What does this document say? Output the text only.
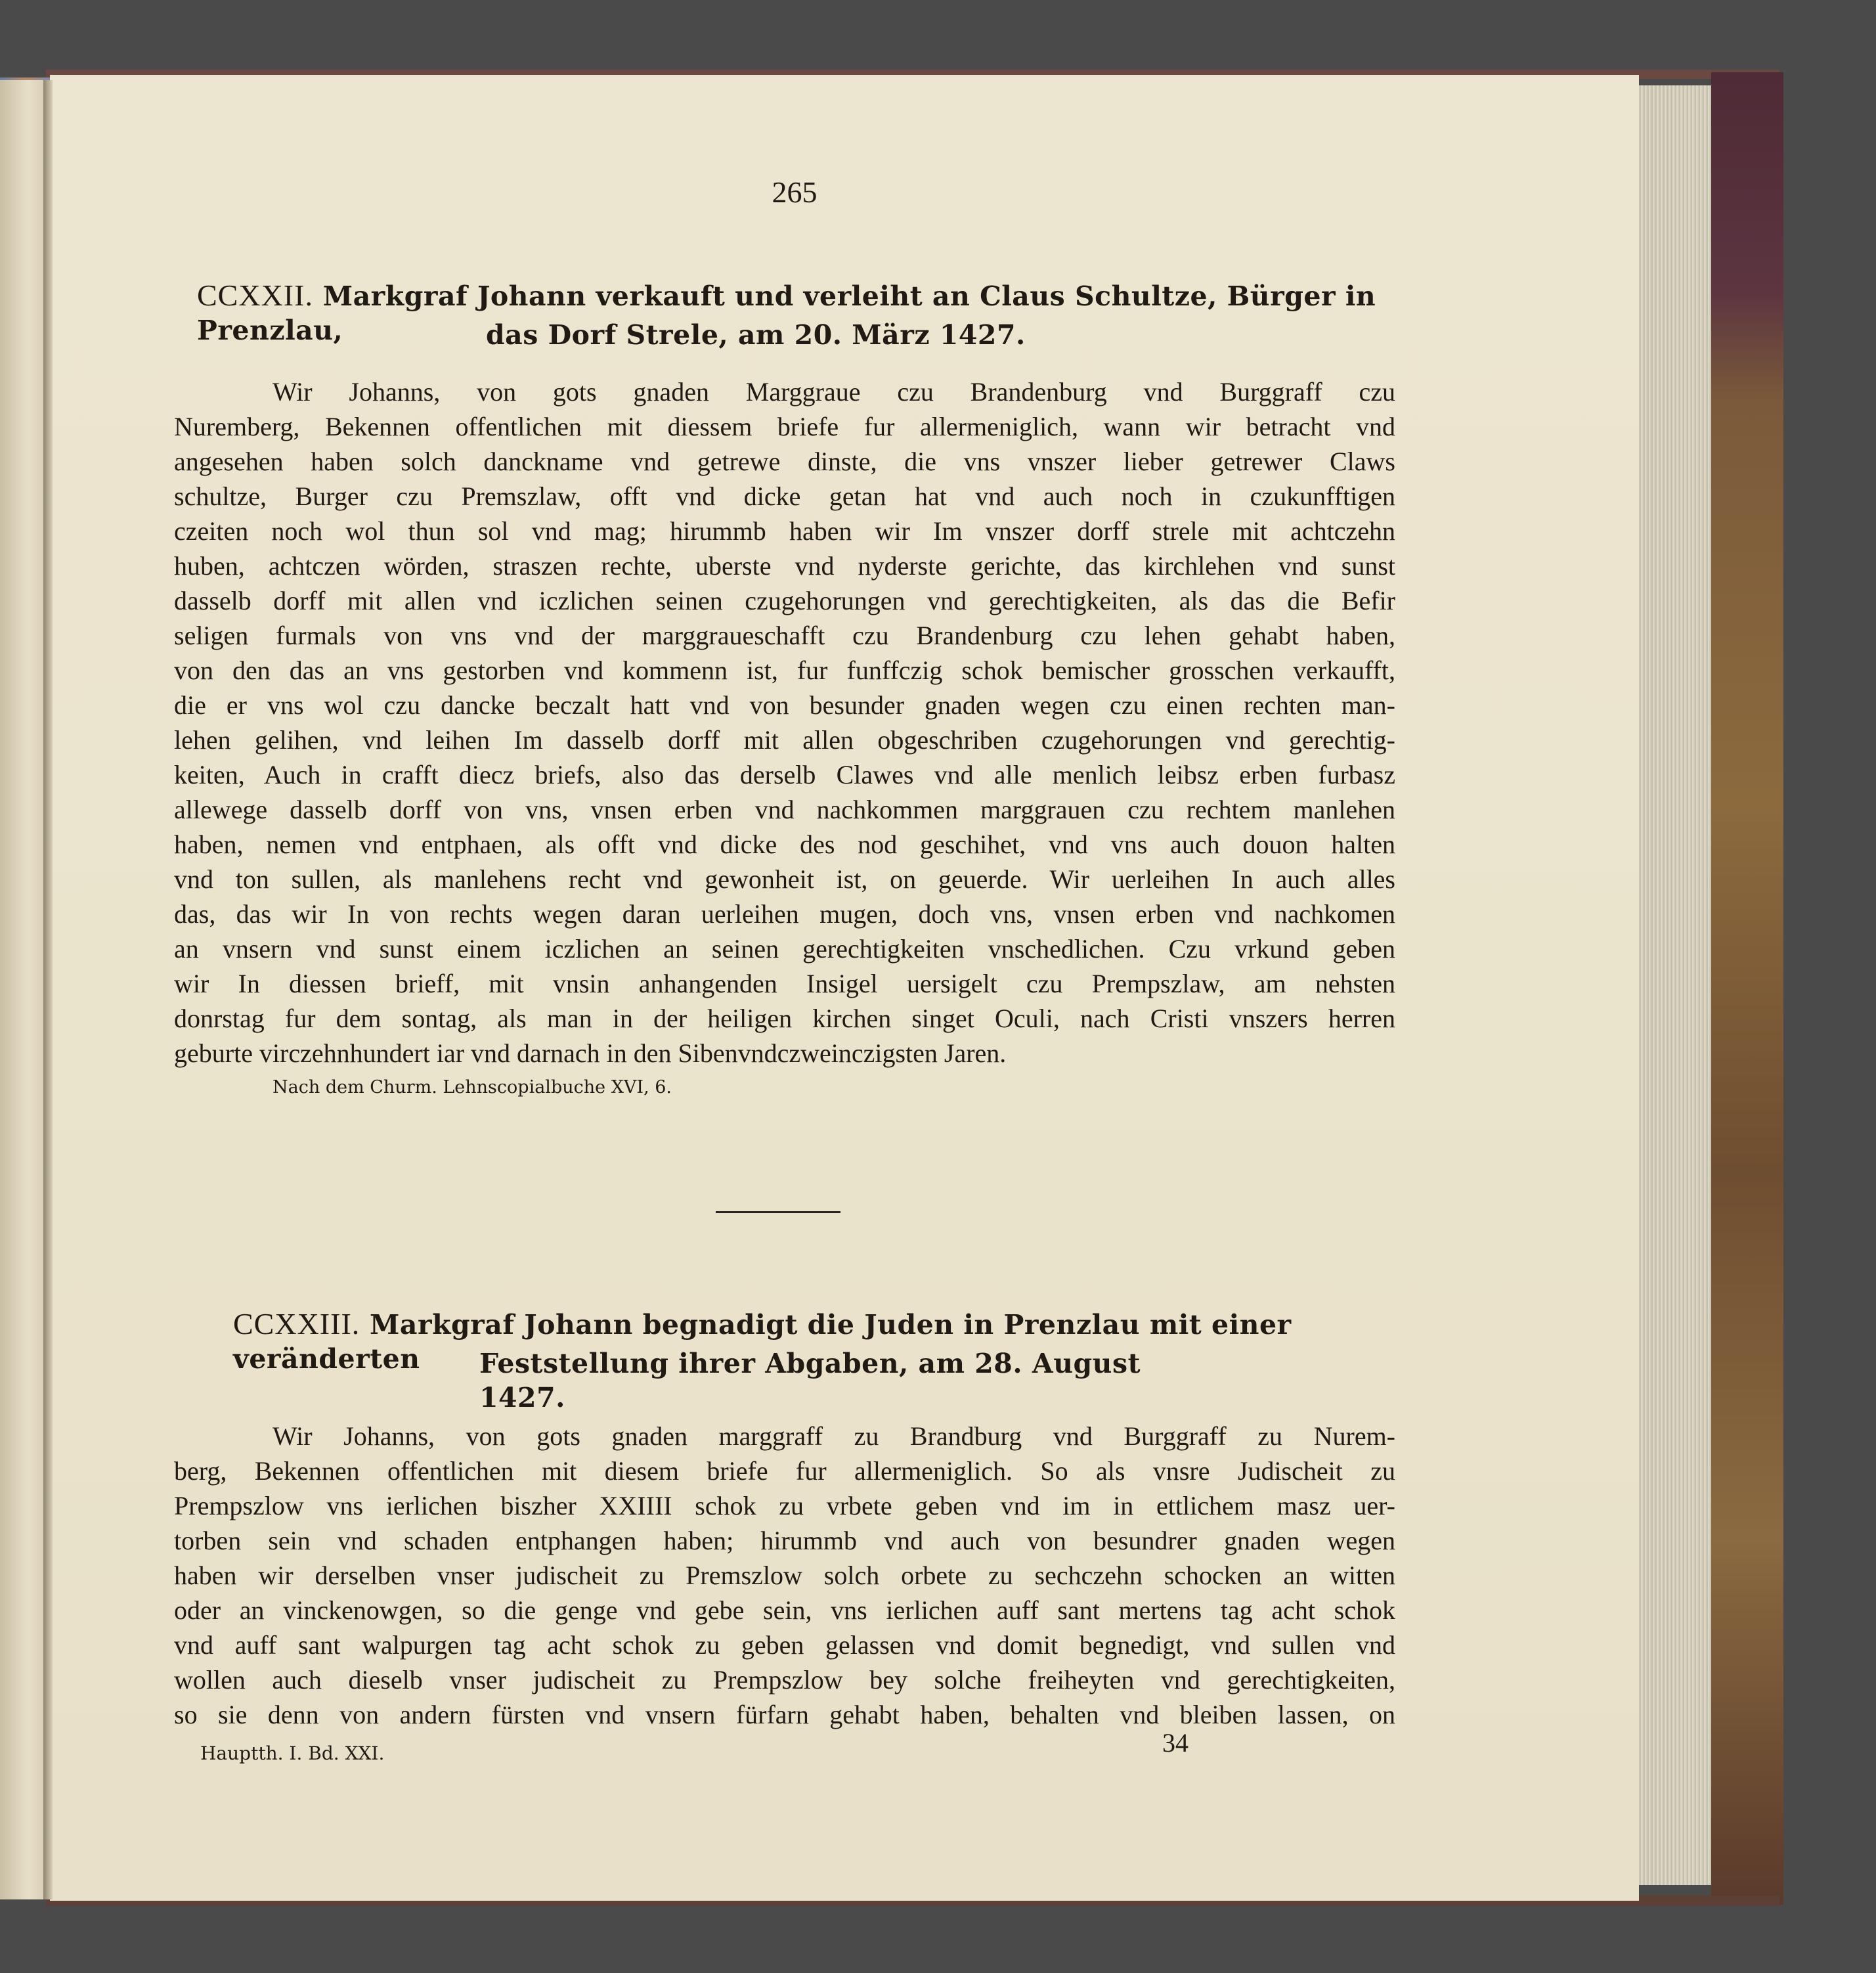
265
CCXXII. Markgraf Johann verkauft und verleiht an Claus Schultze, Bürger in Prenzlau,	das Dorf Strele, am 20. März 1427.
Wir Johanns, von gots gnaden Marggraue czu Brandenburg vnd Burggraff czu
Nuremberg, Bekennen offentlichen mit diessem briefe fur allermeniglich, wann wir betracht vnd
angesehen haben solch danckname vnd getrewe dinste, die vns vnszer lieber getrewer Claws
schultze, Burger czu Premszlaw, offt vnd dicke getan hat vnd auch noch in czukunfftigen
czeiten noch wol thun sol vnd mag; hirummb haben wir Im vnszer dorff strele mit achtczehn
huben, achtczen wörden, straszen rechte, uberste vnd nyderste gerichte, das kirchlehen vnd sunst
dasselb dorff mit allen vnd iczlichen seinen czugehorungen vnd gerechtigkeiten, als das die Befir
seligen furmals von vns vnd der marggraueschafft czu Brandenburg czu lehen gehabt haben,
von den das an vns gestorben vnd kommenn ist, fur funffczig schok bemischer grosschen verkaufft,
die er vns wol czu dancke beczalt hatt vnd von besunder gnaden wegen czu einen rechten man-
lehen gelihen, vnd leihen Im dasselb dorff mit allen obgeschriben czugehorungen vnd gerechtig-
keiten, Auch in crafft diecz briefs, also das derselb Clawes vnd alle menlich leibsz erben furbasz
allewege dasselb dorff von vns, vnsen erben vnd nachkommen marggrauen czu rechtem manlehen
haben, nemen vnd entphaen, als offt vnd dicke des nod geschihet, vnd vns auch douon halten
vnd ton sullen, als manlehens recht vnd gewonheit ist, on geuerde. Wir uerleihen In auch alles
das, das wir In von rechts wegen daran uerleihen mugen, doch vns, vnsen erben vnd nachkomen
an vnsern vnd sunst einem iczlichen an seinen gerechtigkeiten vnschedlichen. Czu vrkund geben
wir In diessen brieff, mit vnsin anhangenden Insigel uersigelt czu Prempszlaw, am nehsten
donrstag fur dem sontag, als man in der heiligen kirchen singet Oculi, nach Cristi vnszers herren
geburte virczehnhundert iar vnd darnach in den Sibenvndczweinczigsten Jaren.
Nach dem Churm. Lehnscopialbuche XVI, 6.
CCXXIII. Markgraf Johann begnadigt die Juden in Prenzlau mit einer veränderten	Feststellung ihrer Abgaben, am 28. August 1427.
Wir Johanns, von gots gnaden marggraff zu Brandburg vnd Burggraff zu Nurem-
berg, Bekennen offentlichen mit diesem briefe fur allermeniglich. So als vnsre Judischeit zu
Prempszlow vns ierlichen biszher XXIIII schok zu vrbete geben vnd im in ettlichem masz uer-
torben sein vnd schaden entphangen haben; hirummb vnd auch von besundrer gnaden wegen
haben wir derselben vnser judischeit zu Premszlow solch orbete zu sechczehn schocken an witten
oder an vinckenowgen, so die genge vnd gebe sein, vns ierlichen auff sant mertens tag acht schok
vnd auff sant walpurgen tag acht schok zu geben gelassen vnd domit begnedigt, vnd sullen vnd
wollen auch dieselb vnser judischeit zu Prempszlow bey solche freiheyten vnd gerechtigkeiten,
so sie denn von andern fürsten vnd vnsern fürfarn gehabt haben, behalten vnd bleiben lassen, on
Hauptth. I. Bd. XXI.	34
